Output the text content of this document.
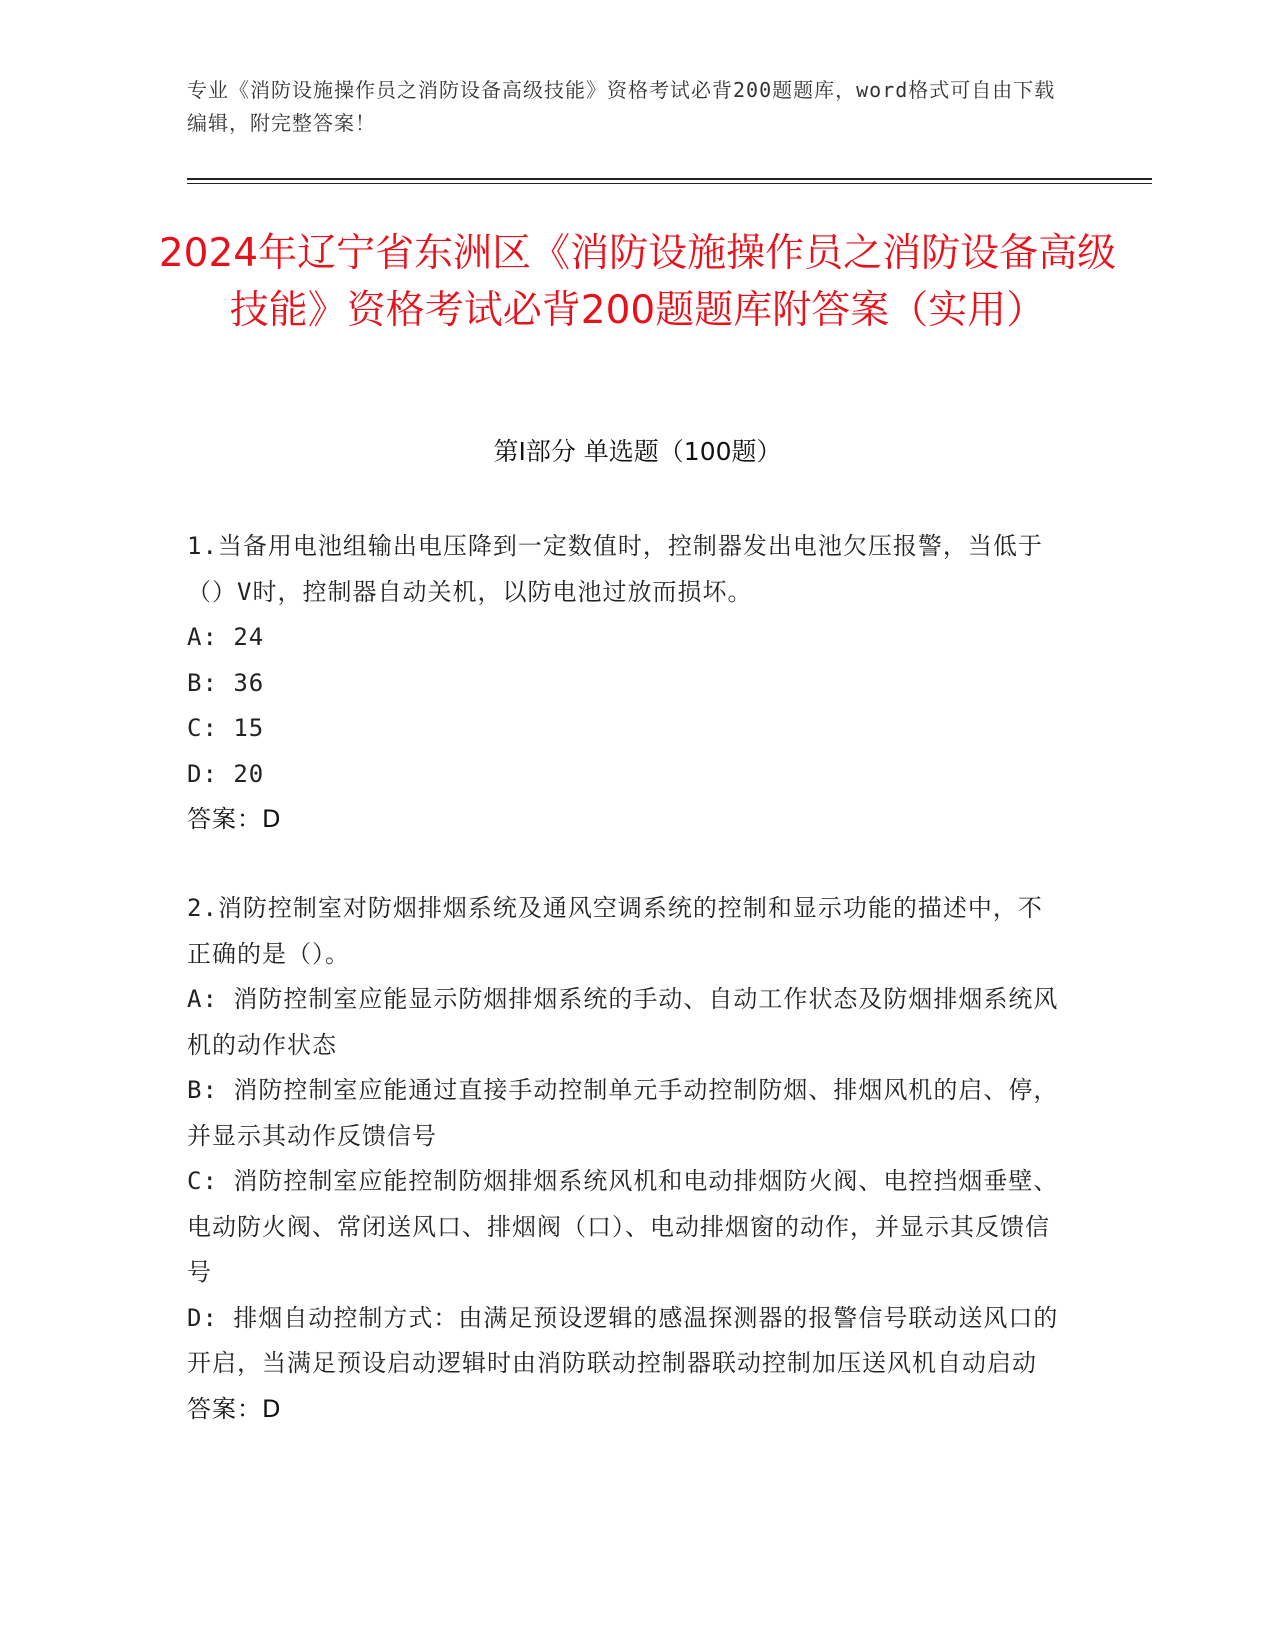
专业《消防设施操作员之消防设备高级技能》资格考试必背200题题库，word格式可自由下载编辑，附完整答案！
2024年辽宁省东洲区《消防设施操作员之消防设备高级技能》资格考试必背200题题库附答案（实用）
第Ⅰ部分 单选题（100题）
1.当备用电池组输出电压降到一定数值时，控制器发出电池欠压报警，当低于（）V时，控制器自动关机，以防电池过放而损坏。
A: 24
B: 36
C: 15
D: 20
答案：D
2.消防控制室对防烟排烟系统及通风空调系统的控制和显示功能的描述中，不正确的是（）。
A: 消防控制室应能显示防烟排烟系统的手动、自动工作状态及防烟排烟系统风机的动作状态
B: 消防控制室应能通过直接手动控制单元手动控制防烟、排烟风机的启、停，并显示其动作反馈信号
C: 消防控制室应能控制防烟排烟系统风机和电动排烟防火阀、电控挡烟垂壁、电动防火阀、常闭送风口、排烟阀（口）、电动排烟窗的动作，并显示其反馈信号
D: 排烟自动控制方式：由满足预设逻辑的感温探测器的报警信号联动送风口的开启，当满足预设启动逻辑时由消防联动控制器联动控制加压送风机自动启动
答案：D
